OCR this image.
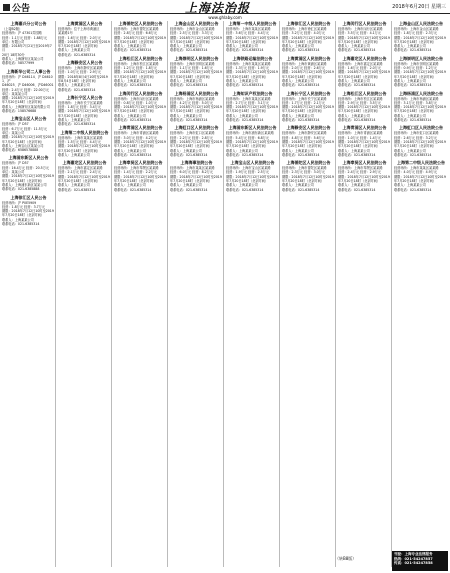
公告	上海法治报	2018年6月20日 星期三
www.ghlaby.com
上海嘉兴分公司公告
（上接B2版）
经营场所：沪 47301弄园路
经营：1.1万元 经营：1.88万元
单位：有限公司
期限：2018年7月21日至2019年7月
20日 18时30分
联系人：上海静安区某某公司
联系电话：58577999
上海新华公司二人事公告
经营场所：沪 D46114、沪 D46101、沪
D46025、沪 D46006、沪D46001
经营：2.4万元 经营：22.00万元
单位：某某某公司
期限：2018年7月12日10时至2019
年7月20日18时（北京时间）
联系人：上海静安区某某有限公司
联系电话：158576688
上海宝山区人民公告
经营场所：沪 D57
经营：6.7万元 经营：11.5万元
单位：某某公司
期限：2018年7月12日10时至2019
年7月20日18时（北京时间）
联系人：上海宝山区某某公司
联系电话：6586578888
上海浦东新区人民公告
经营场所：沪 D57
经营：16.4万元 经营：20.5万元
单位：某某公司
期限：2018年7月12日10时至2019
年7月20日18时（北京时间）
联系人：上海浦东新区某某公司
联系电话：021-6385888
上海徐汇区人民公告
经营场所：沪 P0E5909
经营：1.8万元 经营：3.7万元
期限：2018年7月12日10时至2019
年7月20日18时（北京时间）
联系人：上海某某公司
联系电话：021-6385314
上海黄浦区人民公告
经营场所：位于上海市黄浦区
某某路1号
经营：1.6万元 经营：2.0万元
期限：2018年7月12日10时至2019
年7月20日18时（北京时间）
联系人：上海某某公司
联系电话：021-6385314
上海静安区人民公告
经营场所：上海市静安区某某路
经营：1.0万元 经营：2.9万元
期限：2018年8月4日10时至2019
年8月4日18时（北京时间）
联系人：上海某某公司
联系电话：021-6385314
上海长宁区人民公告
经营场所：上海市长宁区某某路
经营：1.8万元 经营：3.4万元
期限：2018年7月12日10时至2019
年7月20日18时（北京时间）
联系人：上海某某公司
联系电话：021-6385314
上海第二中级人民法院公告
经营场所：上海市某某区某某路
经营：1.5万元 经营：4.4万元
期限：2018年7月12日10时至2019
年7月20日18时（北京时间）
联系人：上海某某公司
上海嘉定区人民法院公告
经营场所：上海市嘉定区某某路
经营：2.1万元 经营：2.4万元
期限：2018年7月12日10时至2019
年7月20日18时（北京时间）
联系人：上海某某公司
联系电话：021-6385314
上海普陀区人民法院公告
经营场所：上海市普陀区某某路
经营：2.8万元 经营：6.6万元
期限：2018年7月12日10时至2019
年7月20日18时（北京时间）
联系人：上海某某公司
联系电话：021-6385314
上海松江区人民法院公告
经营场所：上海市松江区某某路
经营：1.2万元 经营：1.8万元
期限：2018年7月12日10时至2019
年7月20日18时（北京时间）
联系人：上海某某公司
联系电话：021-6385314
上海闵行区人民法院公告
经营场所：上海市闵行区某某路
经营：0.8万元 经营：1.0万元
期限：2018年7月12日10时至2019
年7月20日18时（北京时间）
联系人：上海某某公司
联系电话：021-6385314
上海青浦区人民法院公告
经营场所：上海市青浦区某某路
经营：3.0万元 经营：4.2万元
期限：2018年7月12日10时至2019
年7月20日18时（北京时间）
联系人：上海某某公司
联系电话：021-6385314
上海奉贤区人民法院公告
经营场所：上海市奉贤区某某路
经营：1.4万元 经营：2.2万元
期限：2018年7月12日10时至2019
年7月20日18时（北京时间）
联系人：上海某某公司
联系电话：021-6385314
上海金山区人民法院公告
经营场所：上海市金山区某某路
经营：2.5万元 经营：3.3万元
期限：2018年7月12日10时至2019
年7月20日18时（北京时间）
联系人：上海某某公司
联系电话：021-6385314
上海崇明区人民法院公告
经营场所：上海市崇明区某某路
经营：1.1万元 经营：1.6万元
期限：2018年7月12日10时至2019
年7月20日18时（北京时间）
联系人：上海某某公司
联系电话：021-6385314
上海杨浦区人民法院公告
经营场所：上海市杨浦区某某路
经营：4.2万元 经营：5.0万元
期限：2018年7月12日10时至2019
年7月20日18时（北京时间）
联系人：上海某某公司
联系电话：021-6385314
上海虹口区人民法院公告
经营场所：上海市虹口区某某路
经营：2.2万元 经营：2.8万元
期限：2018年7月12日10时至2019
年7月20日18时（北京时间）
联系人：上海某某公司
联系电话：021-6385314
上海海事法院公告
经营场所：上海市某某区某某路
经营：6.0万元 经营：8.2万元
期限：2018年7月12日10时至2019
年7月20日18时（北京时间）
联系人：上海某某公司
联系电话：021-6385314
上海第一中级人民法院公告
经营场所：上海市某某区某某路
经营：3.6万元 经营：4.4万元
期限：2018年7月12日10时至2019
年7月20日18时（北京时间）
联系人：上海某某公司
联系电话：021-6385314
上海铁路运输法院公告
经营场所：上海市某某区某某路
经营：1.3万元 经营：1.9万元
期限：2018年7月12日10时至2019
年7月20日18时（北京时间）
联系人：上海某某公司
联系电话：021-6385314
上海知识产权法院公告
经营场所：上海市某某区某某路
经营：2.7万元 经营：3.1万元
期限：2018年7月12日10时至2019
年7月20日18时（北京时间）
联系人：上海某某公司
联系电话：021-6385314
上海浦东新区人民法院公告
经营场所：上海市浦东新区某某路
经营：5.4万元 经营：6.8万元
期限：2018年7月12日10时至2019
年7月20日18时（北京时间）
联系人：上海某某公司
联系电话：021-6385314
上海宝山区人民法院公告
经营场所：上海市宝山区某某路
经营：1.9万元 经营：2.5万元
期限：2018年7月12日10时至2019
年7月20日18时（北京时间）
联系人：上海某某公司
联系电话：021-6385314
上海徐汇区人民法院公告
经营场所：上海市徐汇区某某路
经营：3.2万元 经营：4.0万元
期限：2018年7月12日10时至2019
年7月20日18时（北京时间）
联系人：上海某某公司
联系电话：021-6385314
上海黄浦区人民法院公告
经营场所：上海市黄浦区某某路
经营：2.0万元 经营：2.6万元
期限：2018年7月12日10时至2019
年7月20日18时（北京时间）
联系人：上海某某公司
联系电话：021-6385314
上海长宁区人民法院公告
经营场所：上海市长宁区某某路
经营：1.7万元 经营：2.1万元
期限：2018年7月12日10时至2019
年7月20日18时（北京时间）
联系人：上海某某公司
联系电话：021-6385314
上海静安区人民法院公告
经营场所：上海市静安区某某路
经营：4.8万元 经营：5.6万元
期限：2018年7月12日10时至2019
年7月20日18时（北京时间）
联系人：上海某某公司
联系电话：021-6385314
上海普陀区人民法院公告
经营场所：上海市普陀区某某路
经营：2.3万元 经营：3.0万元
期限：2018年7月12日10时至2019
年7月20日18时（北京时间）
联系人：上海某某公司
联系电话：021-6385314
上海闵行区人民法院公告
经营场所：上海市闵行区某某路
经营：3.5万元 经营：4.1万元
期限：2018年7月12日10时至2019
年7月20日18时（北京时间）
联系人：上海某某公司
联系电话：021-6385314
上海嘉定区人民法院公告
经营场所：上海市嘉定区某某路
经营：1.6万元 经营：2.0万元
期限：2018年7月12日10时至2019
年7月20日18时（北京时间）
联系人：上海某某公司
联系电话：021-6385314
上海松江区人民法院公告
经营场所：上海市松江区某某路
经营：2.9万元 经营：3.5万元
期限：2018年7月12日10时至2019
年7月20日18时（北京时间）
联系人：上海某某公司
联系电话：021-6385314
上海青浦区人民法院公告
经营场所：上海市青浦区某某路
经营：1.0万元 经营：1.4万元
期限：2018年7月12日10时至2019
年7月20日18时（北京时间）
联系人：上海某某公司
联系电话：021-6385314
上海奉贤区人民法院公告
经营场所：上海市奉贤区某某路
经营：2.4万元 经营：2.9万元
期限：2018年7月12日10时至2019
年7月20日18时（北京时间）
联系人：上海某某公司
联系电话：021-6385314
上海金山区人民法院公告
经营场所：上海市金山区某某路
经营：1.8万元 经营：2.3万元
期限：2018年7月12日10时至2019
年7月20日18时（北京时间）
联系人：上海某某公司
联系电话：021-6385314
上海崇明区人民法院公告
经营场所：上海市崇明区某某路
经营：0.9万元 经营：1.2万元
期限：2018年7月12日10时至2019
年7月20日18时（北京时间）
联系人：上海某某公司
联系电话：021-6385314
上海杨浦区人民法院公告
经营场所：上海市杨浦区某某路
经营：3.1万元 经营：3.8万元
期限：2018年7月12日10时至2019
年7月20日18时（北京时间）
联系人：上海某某公司
联系电话：021-6385314
上海虹口区人民法院公告
经营场所：上海市虹口区某某路
经营：2.6万元 经营：3.2万元
期限：2018年7月12日10时至2019
年7月20日18时（北京时间）
联系人：上海某某公司
联系电话：021-6385314
上海第二中级人民法院公告
经营场所：上海市某某区某某路
经营：4.0万元 经营：4.9万元
期限：2018年7月12日10时至2019
年7月20日18时（北京时间）
联系人：上海某某公司
联系电话：021-6385314
（转B8版）
刊登：上海专业法律服务
热线：021-54247857
传真：021-54247858
